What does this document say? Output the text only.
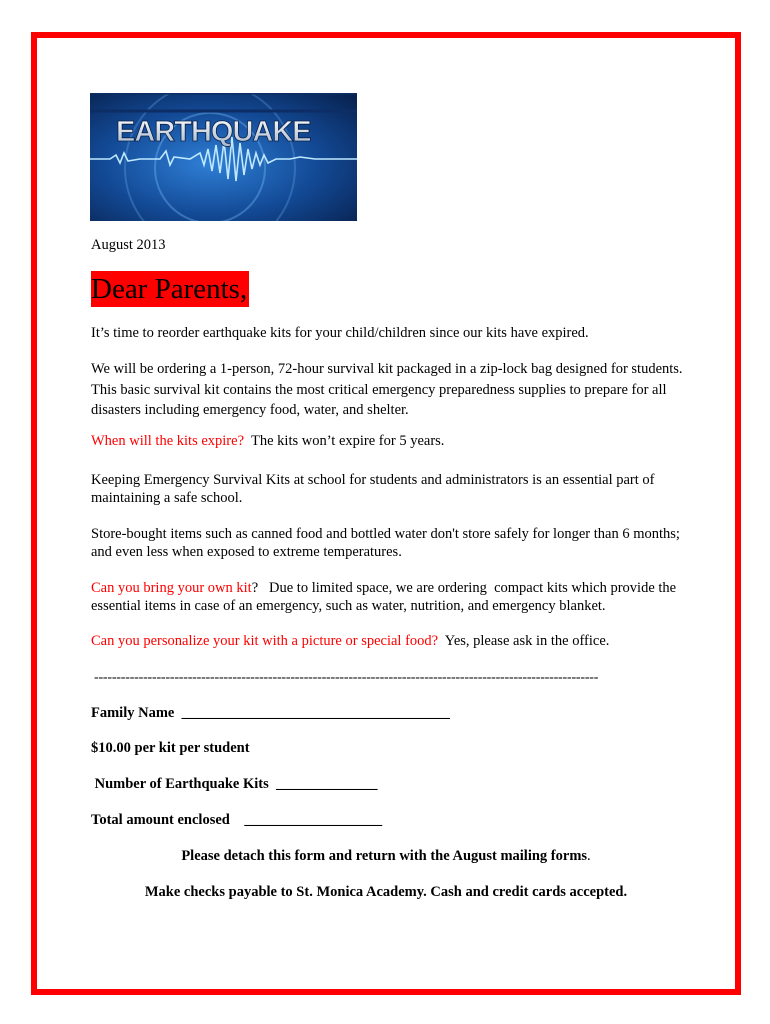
EARTHQUAKE
August 2013
Dear Parents,
It’s time to reorder earthquake kits for your child/children since our kits have expired.
We will be ordering a 1-person, 72-hour survival kit packaged in a zip-lock bag designed for students. This basic survival kit contains the most critical emergency preparedness supplies to prepare for all disasters including emergency food, water, and shelter.
When will the kits expire?  The kits won’t expire for 5 years.
Keeping Emergency Survival Kits at school for students and administrators is an essential part of maintaining a safe school.
Store-bought items such as canned food and bottled water don't store safely for longer than 6 months; and even less when exposed to extreme temperatures.
Can you bring your own kit?   Due to limited space, we are ordering  compact kits which provide the essential items in case of an emergency, such as water, nutrition, and emergency blanket.
Can you personalize your kit with a picture or special food?  Yes, please ask in the office.
-----------------------------------------------------------------------------------------------------------------
Family Name  _____________________________________
$10.00 per kit per student
Number of Earthquake Kits  ______________
Total amount enclosed    ___________________
Please detach this form and return with the August mailing forms.
Make checks payable to St. Monica Academy. Cash and credit cards accepted.
